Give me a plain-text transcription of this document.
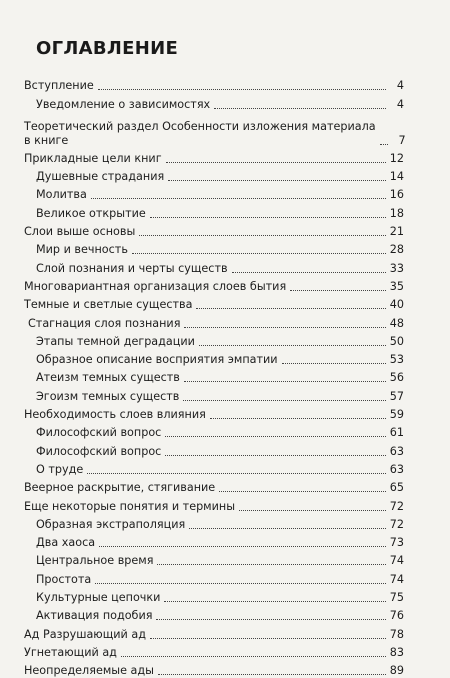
ОГЛАВЛЕНИЕ
Вступление	4
Уведомление о зависимостях	4
Теоретический раздел Особенности изложения материала
в книге	7
Прикладные цели книг	12
Душевные страдания	14
Молитва	16
Великое открытие	18
Слои выше основы	21
Мир и вечность	28
Слой познания и черты существ	33
Многовариантная организация слоев бытия	35
Темные и светлые существа	40
Стагнация слоя познания	48
Этапы темной деградации	50
Образное описание восприятия эмпатии	53
Атеизм темных существ	56
Эгоизм темных существ	57
Необходимость слоев влияния	59
Философский вопрос	61
Философский вопрос	63
О труде	63
Веерное раскрытие, стягивание	65
Еще некоторые понятия и термины	72
Образная экстраполяция	72
Два хаоса	73
Центральное время	74
Простота	74
Культурные цепочки	75
Активация подобия	76
Ад Разрушающий ад	78
Угнетающий ад	83
Неопределяемые ады	89
